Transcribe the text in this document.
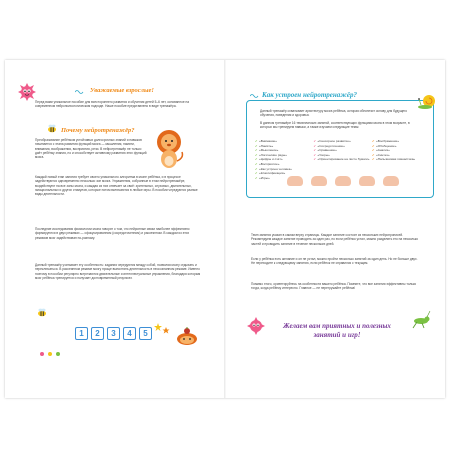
Уважаемые взрослые!

Перед вами уникальное пособие для всестороннего развития и обучения детей 5–6 лет, основанное на современном нейропсихологическом подходе. Наше пособие представлено в виде тренажёра.

Почему нейротренажёр?

Преобразование ребёнком устойчивых долгосрочных знаний и навыков начинается с этапа развития функций мозга — мышления, памяти, внимания, воображения, восприятия, речи. В нейротренажёр не только даёт ребёнку знания, но и способствует активному развитию этих функций мозга.

Каждый новый этап занятия требует своего уникального алгоритма в мозге ребёнка, и в процессе задействуются одновременно несколько зон мозга. Упражнения, собранные в этом нейротренажёре, воздействуют на все зоны мозга, и каждая из них отвечает за своё: зрительных, слуховых, двигательных, эмоциональных и других стимулов, которые потом включаются в любые игры. В пособии чередуются разные виды деятельности.

Последние исследования физиологии мозга говорят о том, что нейронные связи наиболее эффективно формируются в двух режимах — сфокусированном (сосредоточенном) и рассеянном. В каждом из этих режимов мозг задействован по-разному.

Данный тренажёр учитывает эту особенность: задания чередуются между собой, позволяя мозгу отдыхать и переключаться. В рассеянном режиме мозгу проще выполнять деятельность в неосознанном режиме. Именно поэтому в пособии регулярно встречаются двигательные и интеллектуальные упражнения, благодаря которым мозг ребёнка тренируется и получает долговременный результат.

1	2	3	4	5
Как устроен нейротренажёр?

Данный тренажёр охватывает архитектуру мозга ребёнка, которая обеспечит основу для будущего обучения, поведения и здоровья.

В данном тренажёре 16 тематических занятий, соответствующих функциям мозга в этом возрасте, в которых мы тренируем навыки, а также изучаем следующие темы:

✔ «Внимание»
✔ «Память»
✔ «Мышление»
✔ «Логические ряды»
✔ «Цифры и счёт»
✔ «Восприятие»
✔ «Как устроен человек»
✔ «Классификация»
✔ «Игры»
✔ «Сенсорное развитие»
✔ «Сосредоточение»
✔ «Сравнение»
✔ «Узоры»
✔ «Ориентирование на листе бумаги»
✔ «Воображение»
✔ «Обобщение»
✔ «Анализ»
✔ «Синтез»
✔ «Пальчиковая гимнастика»

Темп занятия указан в самом верху страницы. Каждое занятие состоит из нескольких нейропрописей. Рекомендуем каждое занятие проводить за один раз, но если ребёнок устал, можно разделить его на несколько частей и проводить занятие в течение нескольких дней.

Если у ребёнка есть желание и он не устал, можно пройти несколько занятий за один день. Но не больше двух. Не переходите к следующему занятию, если ребёнок не справился с текущим.

Помимо этого, ориентируйтесь на особенности вашего ребёнка. Помните, что все занятия эффективны только тогда, когда ребёнку интересно. Главное — не перегружайте ребёнка!

Желаем вам приятных и полезных занятий и игр!
